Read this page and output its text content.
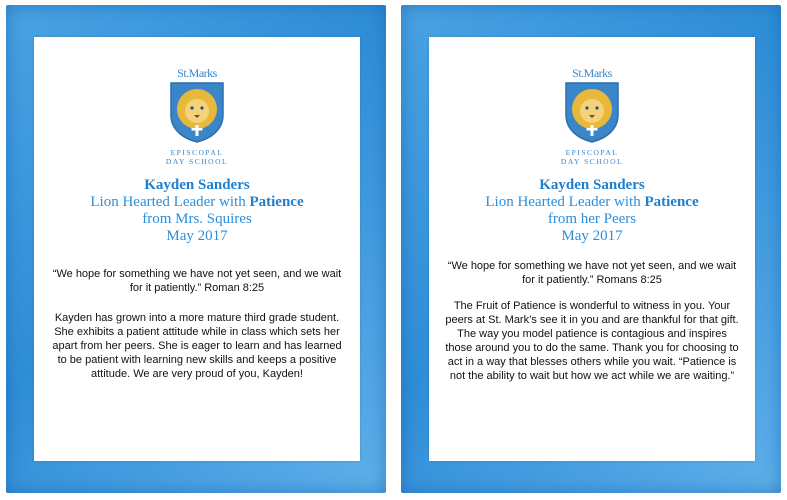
St.Marks
EPISCOPAL
DAY SCHOOL
Kayden Sanders
Lion Hearted Leader with Patience
from Mrs. Squires
May 2017
“We hope for something we have not yet seen, and we wait for it patiently.” Roman 8:25
Kayden has grown into a more mature third grade student. She exhibits a patient attitude while in class which sets her apart from her peers. She is eager to learn and has learned to be patient with learning new skills and keeps a positive attitude. We are very proud of you, Kayden!
St.Marks
EPISCOPAL
DAY SCHOOL
Kayden Sanders
Lion Hearted Leader with Patience
from her Peers
May 2017
“We hope for something we have not yet seen, and we wait for it patiently.” Romans 8:25
The Fruit of Patience is wonderful to witness in you. Your peers at St. Mark’s see it in you and are thankful for that gift. The way you model patience is contagious and inspires those around you to do the same. Thank you for choosing to act in a way that blesses others while you wait. “Patience is not the ability to wait but how we act while we are waiting.”
